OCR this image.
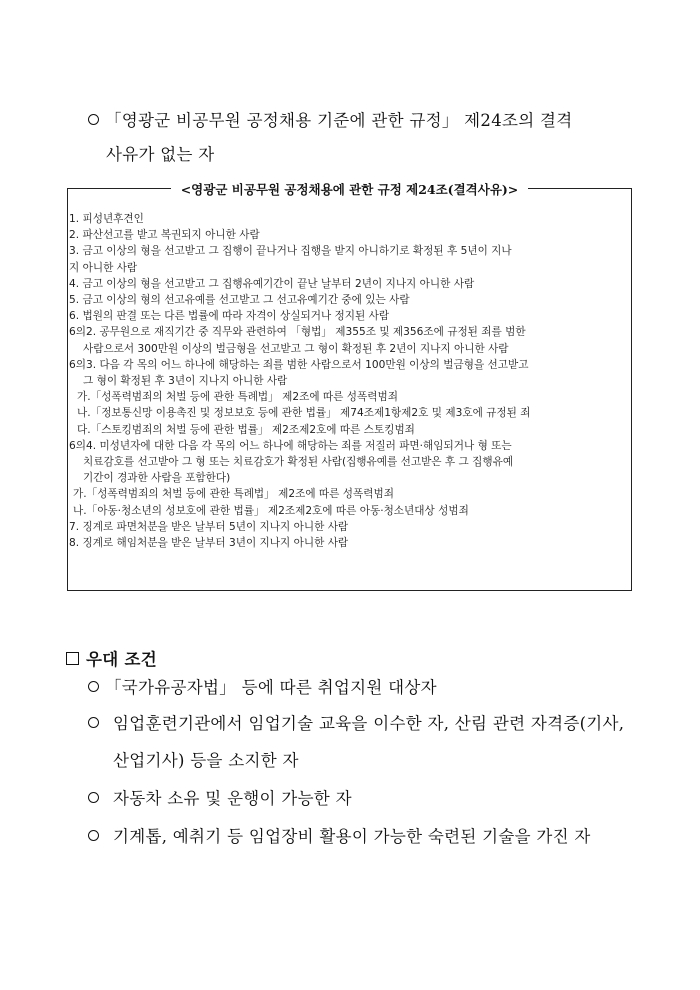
「영광군 비공무원 공정채용 기준에 관한 규정」 제24조의 결격
사유가 없는 자
<영광군 비공무원 공정채용에 관한 규정 제24조(결격사유)>
1. 피성년후견인
2. 파산선고를 받고 복권되지 아니한 사람
3. 금고 이상의 형을 선고받고 그 집행이 끝나거나 집행을 받지 아니하기로 확정된 후 5년이 지나
지 아니한 사람
4. 금고 이상의 형을 선고받고 그 집행유예기간이 끝난 날부터 2년이 지나지 아니한 사람
5. 금고 이상의 형의 선고유예를 선고받고 그 선고유예기간 중에 있는 사람
6. 법원의 판결 또는 다른 법률에 따라 자격이 상실되거나 정지된 사람
6의2. 공무원으로 재직기간 중 직무와 관련하여 「형법」 제355조 및 제356조에 규정된 죄를 범한
사람으로서 300만원 이상의 벌금형을 선고받고 그 형이 확정된 후 2년이 지나지 아니한 사람
6의3. 다음 각 목의 어느 하나에 해당하는 죄를 범한 사람으로서 100만원 이상의 벌금형을 선고받고
그 형이 확정된 후 3년이 지나지 아니한 사람
가.「성폭력범죄의 처벌 등에 관한 특례법」 제2조에 따른 성폭력범죄
나.「정보통신망 이용촉진 및 정보보호 등에 관한 법률」 제74조제1항제2호 및 제3호에 규정된 죄
다.「스토킹범죄의 처벌 등에 관한 법률」 제2조제2호에 따른 스토킹범죄
6의4. 미성년자에 대한 다음 각 목의 어느 하나에 해당하는 죄를 저질러 파면·해임되거나 형 또는
치료감호를 선고받아 그 형 또는 치료감호가 확정된 사람(집행유예를 선고받은 후 그 집행유예
기간이 경과한 사람을 포함한다)
가.「성폭력범죄의 처벌 등에 관한 특례법」 제2조에 따른 성폭력범죄
나.「아동·청소년의 성보호에 관한 법률」 제2조제2호에 따른 아동·청소년대상 성범죄
7. 징계로 파면처분을 받은 날부터 5년이 지나지 아니한 사람
8. 징계로 해임처분을 받은 날부터 3년이 지나지 아니한 사람
우대 조건
「국가유공자법」 등에 따른 취업지원 대상자
임업훈련기관에서 임업기술 교육을 이수한 자, 산림 관련 자격증(기사,
산업기사) 등을 소지한 자
자동차 소유 및 운행이 가능한 자
기계톱, 예취기 등 임업장비 활용이 가능한 숙련된 기술을 가진 자
